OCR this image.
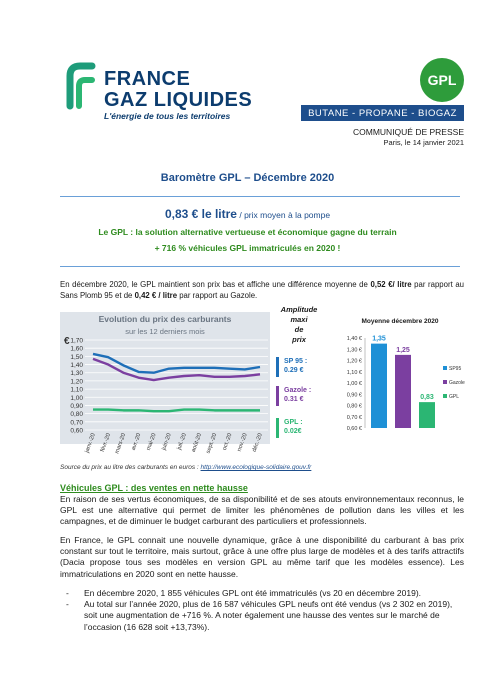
FRANCE
GAZ LIQUIDES
L'énergie de tous les territoires
GPL
BUTANE - PROPANE - BIOGAZ
COMMUNIQUÉ DE PRESSE
Paris, le 14 janvier 2021
Baromètre GPL – Décembre 2020
0,83 € le litre / prix moyen à la pompe
Le GPL : la solution alternative vertueuse et économique gagne du terrain
+ 716 % véhicules GPL immatriculés en 2020 !
En décembre 2020, le GPL maintient son prix bas et affiche une différence moyenne de 0,52 €/ litre par rapport au Sans Plomb 95 et de 0,42 € / litre par rapport au Gazole.
Evolution du prix des carburants
sur les 12 derniers mois
€ 1,70
1,60
1,50
1,40
1,30
1,20
1,10
1,00
0,90
0,80
0,70
0,60
janv.-20 févr.-20 mars-20 avr.-20 mai-20 juin-20 juil.-20 août-20 sept.-20 oct.-20 nov.-20 déc.-20
Amplitude
maxi
de
prix
SP 95 :
0.29 €
Gazole :
0.31 €
GPL :
0.02€
Moyenne décembre 2020
1,40 €
1,30 €
1,20 €
1,10 €
1,00 €
0,90 €
0,80 €
0,70 €
0,60 €
1,35
1,25
0,83
SP95
Gazole
GPL
Source du prix au litre des carburants en euros : http://www.ecologique-solidaire.gouv.fr
Véhicules GPL : des ventes en nette hausse
En raison de ses vertus économiques, de sa disponibilité et de ses atouts environnementaux reconnus, le GPL est une alternative qui permet de limiter les phénomènes de pollution dans les villes et les campagnes, et de diminuer le budget carburant des particuliers et professionnels.
En France, le GPL connait une nouvelle dynamique, grâce à une disponibilité du carburant à bas prix constant sur tout le territoire, mais surtout, grâce à une offre plus large de modèles et à des tarifs attractifs (Dacia propose tous ses modèles en version GPL au même tarif que les modèles essence). Les immatriculations en 2020 sont en nette hausse.
- En décembre 2020, 1 855 véhicules GPL ont été immatriculés (vs 20 en décembre 2019).
- Au total sur l’année 2020, plus de 16 587 véhicules GPL neufs ont été vendus (vs 2 302 en 2019), soit une augmentation de +716 %. A noter également une hausse des ventes sur le marché de l’occasion (16 628 soit +13,73%).
